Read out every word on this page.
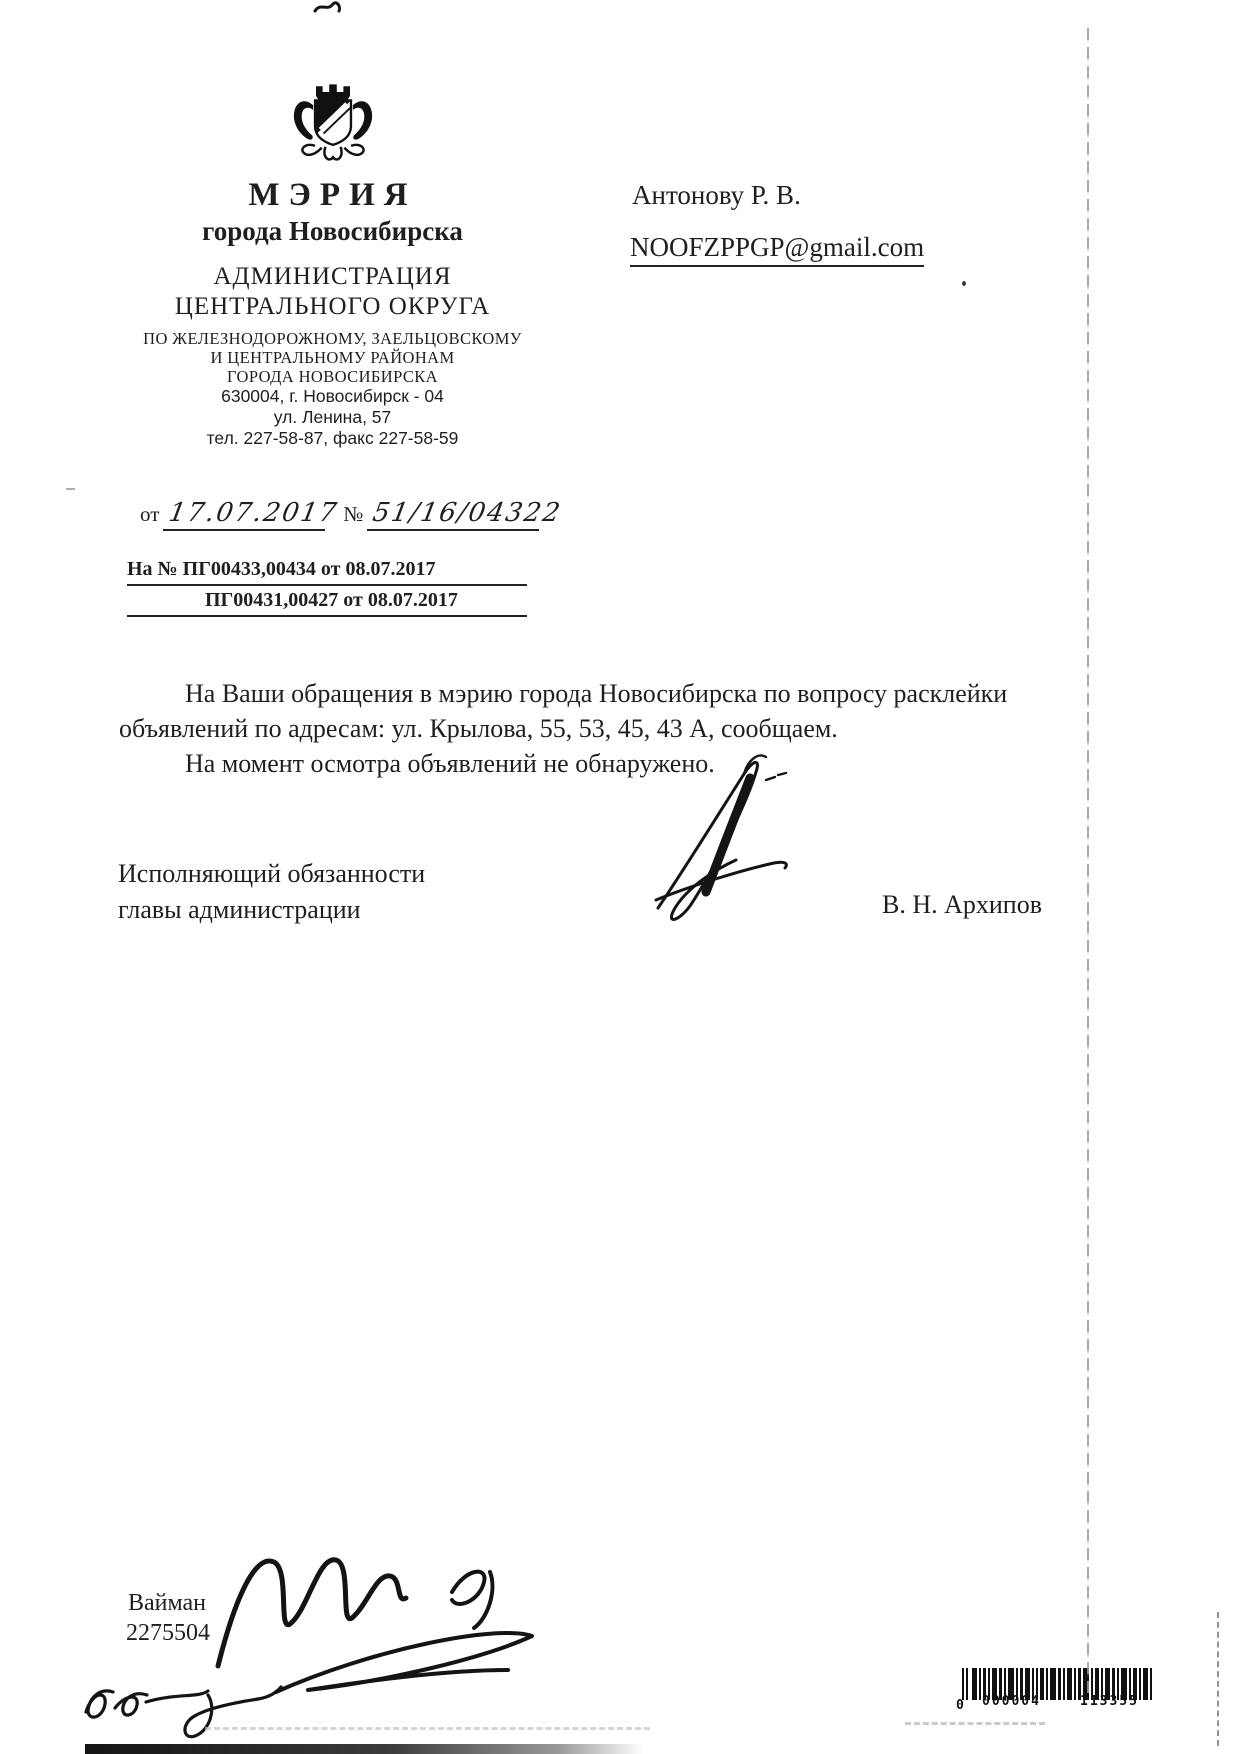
МЭРИЯ
города Новосибирска
АДМИНИСТРАЦИЯ
ЦЕНТРАЛЬНОГО ОКРУГА
ПО ЖЕЛЕЗНОДОРОЖНОМУ, ЗАЕЛЬЦОВСКОМУ
И ЦЕНТРАЛЬНОМУ РАЙОНАМ
ГОРОДА НОВОСИБИРСКА
630004, г. Новосибирск - 04
ул. Ленина, 57
тел. 227-58-87, факс 227-58-59
от 17.07.2017 № 51/16/04322
На № ПГ00433,00434 от 08.07.2017
ПГ00431,00427 от 08.07.2017
Антонову Р. В.
NOOFZPPGP@gmail.com
На Ваши обращения в мэрию города Новосибирска по вопросу расклейки
объявлений по адресам: ул. Крылова, 55, 53, 45, 43 А, сообщаем.
На момент осмотра объявлений не обнаружено.
Исполняющий обязанности
главы администрации	В. Н. Архипов
Вайман
2275504
0 000004	113355
